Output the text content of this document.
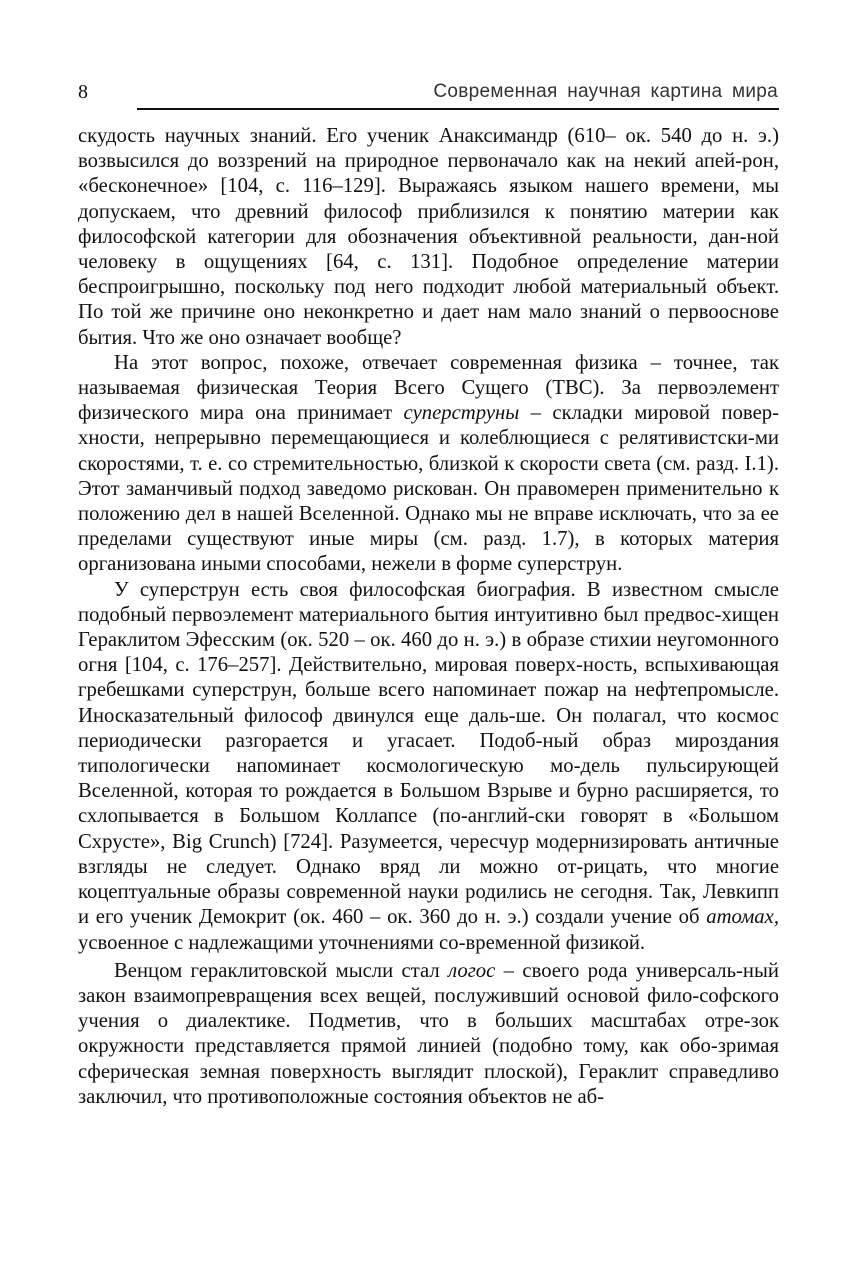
8	Современная научная картина мира

скудость научных знаний. Его ученик Анаксимандр (610– ок. 540 до н. э.) возвысился до воззрений на природное первоначало как на некий апей-рон, «бесконечное» [104, с. 116–129]. Выражаясь языком нашего времени, мы допускаем, что древний философ приблизился к понятию материи как философской категории для обозначения объективной реальности, дан-ной человеку в ощущениях [64, с. 131]. Подобное определение материи беспроигрышно, поскольку под него подходит любой материальный объект. По той же причине оно неконкретно и дает нам мало знаний о первооснове бытия. Что же оно означает вообще?

На этот вопрос, похоже, отвечает современная физика – точнее, так называемая физическая Теория Всего Сущего (ТВС). За первоэлемент физического мира она принимает суперструны – складки мировой повер-хности, непрерывно перемещающиеся и колеблющиеся с релятивистски-ми скоростями, т. е. со стремительностью, близкой к скорости света (см. разд. I.1). Этот заманчивый подход заведомо рискован. Он правомерен применительно к положению дел в нашей Вселенной. Однако мы не вправе исключать, что за ее пределами существуют иные миры (см. разд. 1.7), в которых материя организована иными способами, нежели в форме суперструн.

У суперструн есть своя философская биография. В известном смысле подобный первоэлемент материального бытия интуитивно был предвос-хищен Гераклитом Эфесским (ок. 520 – ок. 460 до н. э.) в образе стихии неугомонного огня [104, с. 176–257]. Действительно, мировая поверх-ность, вспыхивающая гребешками суперструн, больше всего напоминает пожар на нефтепромысле. Иносказательный философ двинулся еще даль-ше. Он полагал, что космос периодически разгорается и угасает. Подоб-ный образ мироздания типологически напоминает космологическую мо-дель пульсирующей Вселенной, которая то рождается в Большом Взрыве и бурно расширяется, то схлопывается в Большом Коллапсе (по-англий-ски говорят в «Большом Схрусте», Big Crunch) [724]. Разумеется, чересчур модернизировать античные взгляды не следует. Однако вряд ли можно от-рицать, что многие коцептуальные образы современной науки родились не сегодня. Так, Левкипп и его ученик Демокрит (ок. 460 – ок. 360 до н. э.) создали учение об атомах, усвоенное с надлежащими уточнениями со-временной физикой.

Венцом гераклитовской мысли стал логос – своего рода универсаль-ный закон взаимопревращения всех вещей, послуживший основой фило-софского учения о диалектике. Подметив, что в больших масштабах отре-зок окружности представляется прямой линией (подобно тому, как обо-зримая сферическая земная поверхность выглядит плоской), Гераклит справедливо заключил, что противоположные состояния объектов не аб-
